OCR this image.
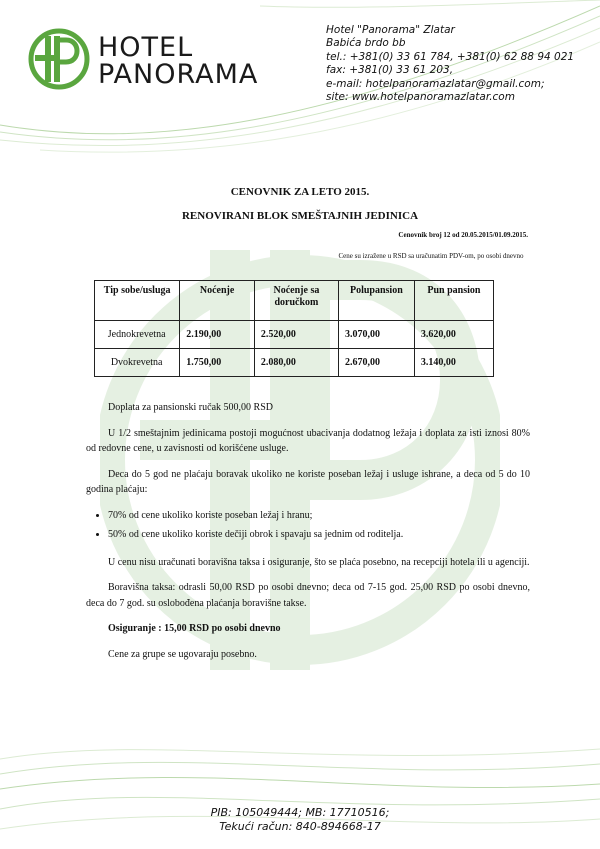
HOTEL
PANORAMA
Hotel "Panorama" Zlatar
Babića brdo bb
tel.: +381(0) 33 61 784, +381(0) 62 88 94 021
fax: +381(0) 33 61 203,
e-mail: hotelpanoramazlatar@gmail.com;
site: www.hotelpanoramazlatar.com
CENOVNIK ZA LETO 2015.
RENOVIRANI BLOK SMEŠTAJNIH JEDINICA
Cenovnik broj 12 od 20.05.2015/01.09.2015.
Cene su izražene u RSD sa uračunatim PDV-om, po osobi dnevno
Tip sobe/usluga	Noćenje	Noćenje sa doručkom	Polupansion	Pun pansion
Jednokrevetna	2.190,00	2.520,00	3.070,00	3.620,00
Dvokrevetna	1.750,00	2.080,00	2.670,00	3.140,00

Doplata za pansionski ručak 500,00 RSD

U 1/2 smeštajnim jedinicama postoji mogućnost ubacivanja dodatnog ležaja i doplata za isti iznosi 80% od redovne cene, u zavisnosti od korišćene usluge.

Deca do 5 god ne plaćaju boravak ukoliko ne koriste poseban ležaj i usluge ishrane, a deca od 5 do 10 godina plaćaju:

• 70% od cene ukoliko koriste poseban ležaj i hranu;
• 50% od cene ukoliko koriste dečiji obrok i spavaju sa jednim od roditelja.

U cenu nisu uračunati boravišna taksa i osiguranje, što se plaća posebno, na recepciji hotela ili u agenciji.

Boravišna taksa: odrasli 50,00 RSD po osobi dnevno; deca od 7-15 god. 25,00 RSD po osobi dnevno, deca do 7 god. su oslobođena plaćanja boravišne takse.

Osiguranje : 15,00 RSD po osobi dnevno

Cene za grupe se ugovaraju posebno.

PIB: 105049444; MB: 17710516;
Tekući račun: 840-894668-17
